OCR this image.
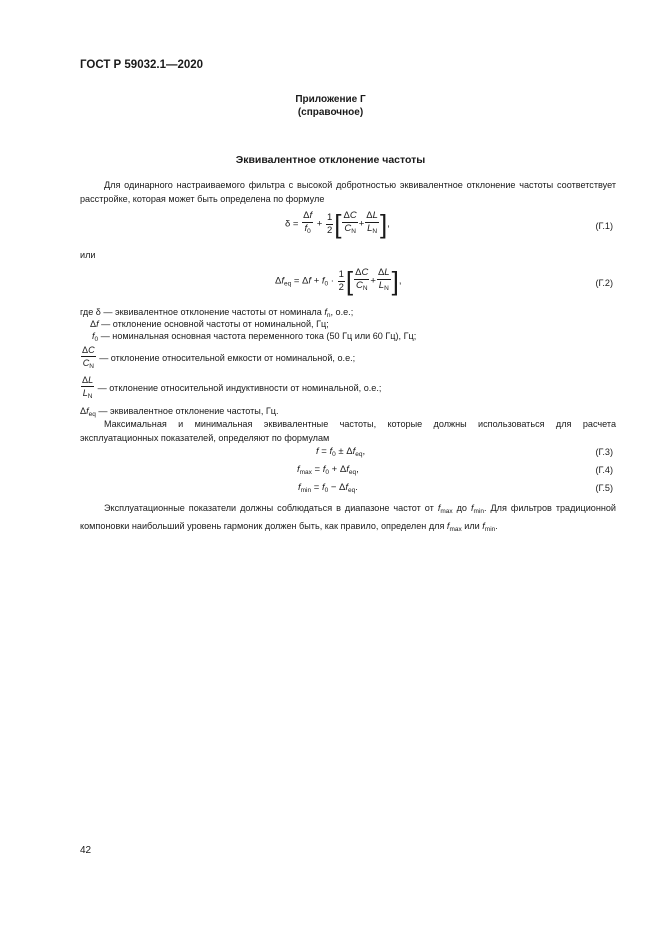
ГОСТ Р 59032.1—2020
Приложение Г
(справочное)
Эквивалентное отклонение частоты
Для одинарного настраиваемого фильтра с высокой добротностью эквивалентное отклонение частоты соответствует расстройке, которая может быть определена по формуле
$\delta = \frac{\Delta f}{f_0} + \frac{1}{2}$ [ $\frac{\Delta C}{C_N} + \frac{\Delta L}{L_N}$ ],	(Г.1)
или
$\Delta f_{eq} = \Delta f + f_0 \cdot \frac{1}{2}$ [ $\frac{\Delta C}{C_N} + \frac{\Delta L}{L_N}$ ],	(Г.2)
где δ — эквивалентное отклонение частоты от номинала $f_n$, о.е.;
Δf — отклонение основной частоты от номинальной, Гц;
$f_0$ — номинальная основная частота переменного тока (50 Гц или 60 Гц), Гц;
$\frac{\Delta C}{C_N}$ — отклонение относительной емкости от номинальной, о.е.;
$\frac{\Delta L}{L_N}$ — отклонение относительной индуктивности от номинальной, о.е.;
$\Delta f_{eq}$ — эквивалентное отклонение частоты, Гц.
Максимальная и минимальная эквивалентные частоты, которые должны использоваться для расчета эксплуатационных показателей, определяют по формулам
$f = f_0 \pm \Delta f_{eq}$,	(Г.3)
$f_{max} = f_0 + \Delta f_{eq}$,	(Г.4)
$f_{min} = f_0 - \Delta f_{eq}$.	(Г.5)
Эксплуатационные показатели должны соблюдаться в диапазоне частот от $f_{max}$ до $f_{min}$. Для фильтров традиционной компоновки наибольший уровень гармоник должен быть, как правило, определен для $f_{max}$ или $f_{min}$.
42
